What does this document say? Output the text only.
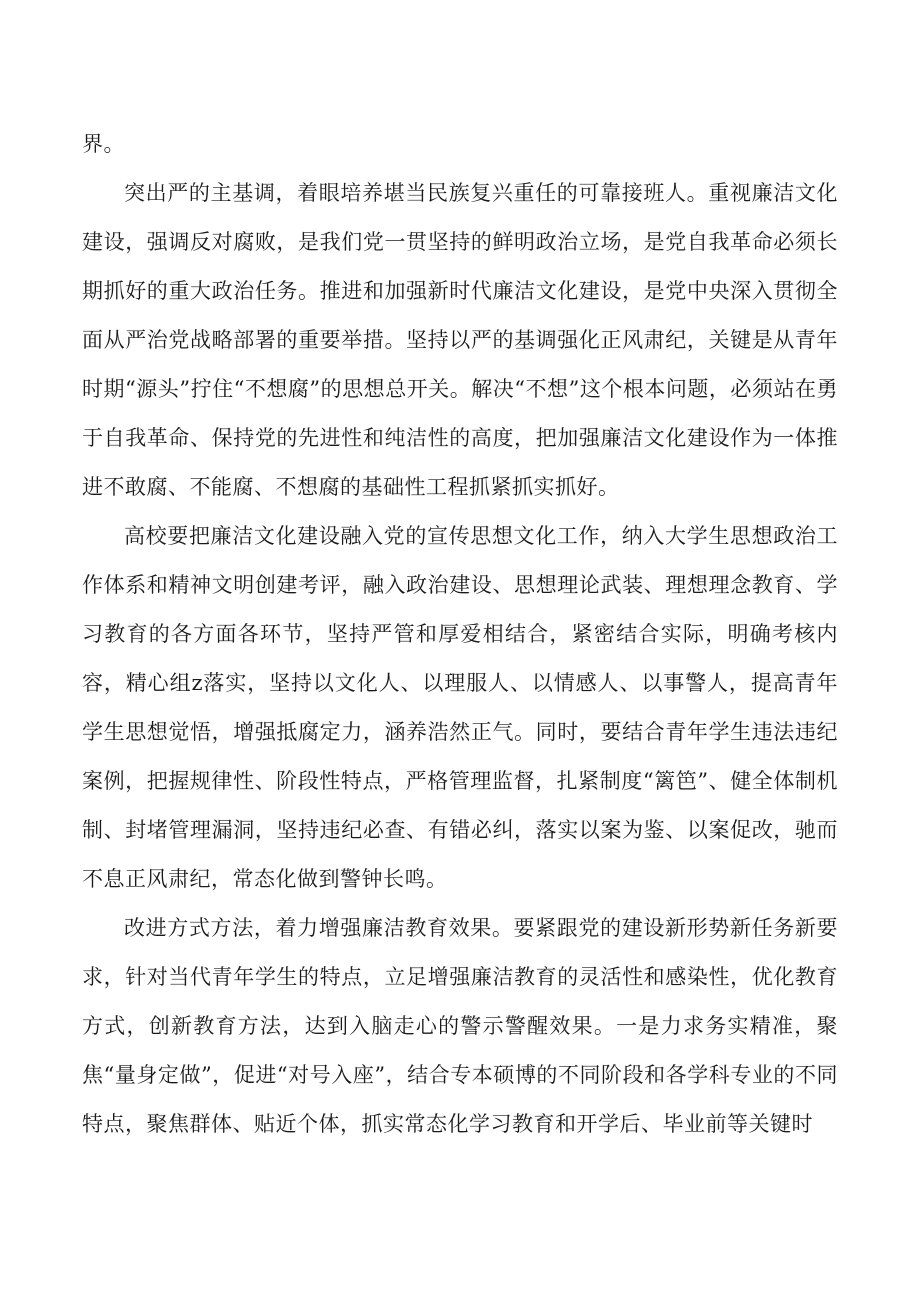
界。

突出严的主基调，着眼培养堪当民族复兴重任的可靠接班人。重视廉洁文化建设，强调反对腐败，是我们党一贯坚持的鲜明政治立场，是党自我革命必须长期抓好的重大政治任务。推进和加强新时代廉洁文化建设，是党中央深入贯彻全面从严治党战略部署的重要举措。坚持以严的基调强化正风肃纪，关键是从青年时期“源头”拧住“不想腐”的思想总开关。解决“不想”这个根本问题，必须站在勇于自我革命、保持党的先进性和纯洁性的高度，把加强廉洁文化建设作为一体推进不敢腐、不能腐、不想腐的基础性工程抓紧抓实抓好。

高校要把廉洁文化建设融入党的宣传思想文化工作，纳入大学生思想政治工作体系和精神文明创建考评，融入政治建设、思想理论武装、理想理念教育、学习教育的各方面各环节，坚持严管和厚爱相结合，紧密结合实际，明确考核内容，精心组z落实，坚持以文化人、以理服人、以情感人、以事警人，提高青年学生思想觉悟，增强抵腐定力，涵养浩然正气。同时，要结合青年学生违法违纪案例，把握规律性、阶段性特点，严格管理监督，扎紧制度“篱笆”、健全体制机制、封堵管理漏洞，坚持违纪必查、有错必纠，落实以案为鉴、以案促改，驰而不息正风肃纪，常态化做到警钟长鸣。

改进方式方法，着力增强廉洁教育效果。要紧跟党的建设新形势新任务新要求，针对当代青年学生的特点，立足增强廉洁教育的灵活性和感染性，优化教育方式，创新教育方法，达到入脑走心的警示警醒效果。一是力求务实精准，聚焦“量身定做”，促进“对号入座”，结合专本硕博的不同阶段和各学科专业的不同特点，聚焦群体、贴近个体，抓实常态化学习教育和开学后、毕业前等关键时
